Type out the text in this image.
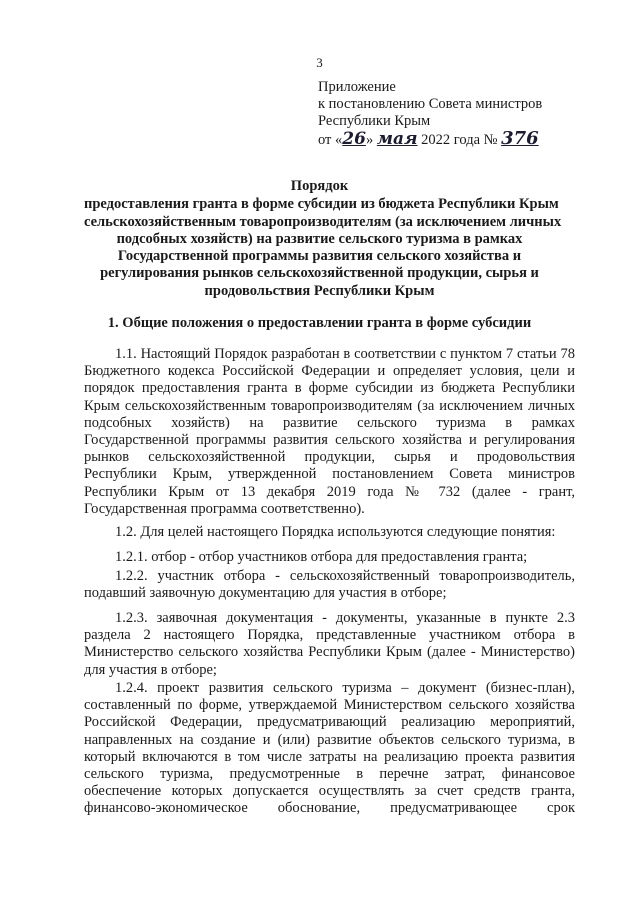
3
Приложение
к постановлению Совета министров
Республики Крым
от «26» мая 2022 года № 376
Порядок
предоставления гранта в форме субсидии из бюджета Республики Крым
сельскохозяйственным товаропроизводителям (за исключением личных
подсобных хозяйств) на развитие сельского туризма в рамках
Государственной программы развития сельского хозяйства и
регулирования рынков сельскохозяйственной продукции, сырья и
продовольствия Республики Крым
1. Общие положения о предоставлении гранта в форме субсидии
1.1. Настоящий Порядок разработан в соответствии с пунктом 7 статьи 78
Бюджетного кодекса Российской Федерации и определяет условия, цели и
порядок предоставления гранта в форме субсидии из бюджета Республики
Крым сельскохозяйственным товаропроизводителям (за исключением личных
подсобных хозяйств) на развитие сельского туризма в рамках
Государственной программы развития сельского хозяйства и регулирования
рынков сельскохозяйственной продукции, сырья и продовольствия
Республики Крым, утвержденной постановлением Совета министров
Республики Крым от 13 декабря 2019 года № 732 (далее - грант,
Государственная программа соответственно).
1.2. Для целей настоящего Порядка используются следующие понятия:
1.2.1. отбор - отбор участников отбора для предоставления гранта;
1.2.2. участник отбора - сельскохозяйственный товаропроизводитель,
подавший заявочную документацию для участия в отборе;
1.2.3. заявочная документация - документы, указанные в пункте 2.3
раздела 2 настоящего Порядка, представленные участником отбора в
Министерство сельского хозяйства Республики Крым (далее - Министерство)
для участия в отборе;
1.2.4. проект развития сельского туризма – документ (бизнес-план),
составленный по форме, утверждаемой Министерством сельского хозяйства
Российской Федерации, предусматривающий реализацию мероприятий,
направленных на создание и (или) развитие объектов сельского туризма, в
который включаются в том числе затраты на реализацию проекта развития
сельского туризма, предусмотренные в перечне затрат, финансовое
обеспечение которых допускается осуществлять за счет средств гранта,
финансово-экономическое обоснование, предусматривающее срок
